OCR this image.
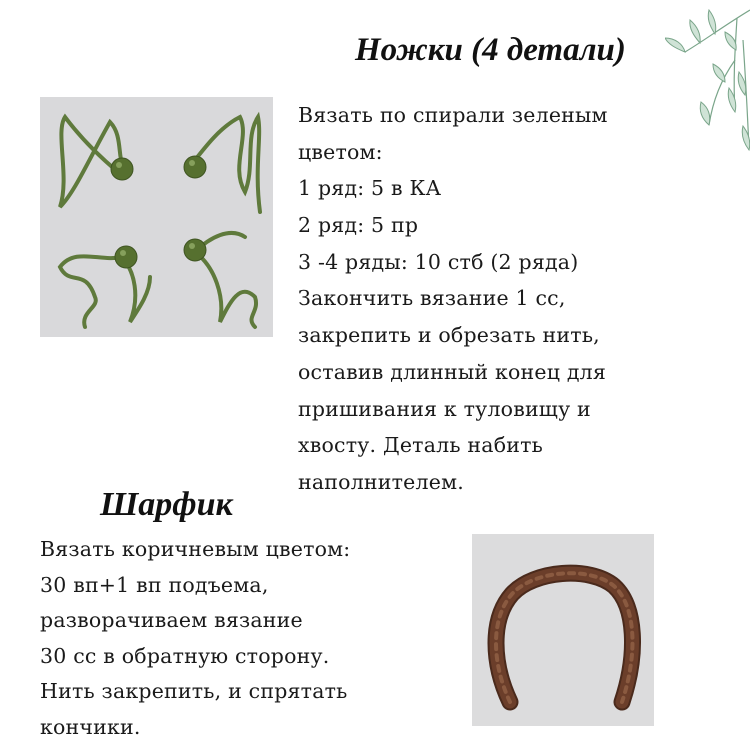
Ножки (4 детали)
Вязать по спирали зеленым
цветом:
1 ряд: 5 в КА
2 ряд: 5 пр
3 -4 ряды: 10 стб (2 ряда)
Закончить вязание 1 сс,
закрепить и обрезать нить,
оставив длинный конец для
пришивания к туловищу и
хвосту. Деталь набить
наполнителем.
Шарфик
Вязать коричневым цветом:
30 вп+1 вп подъема,
разворачиваем вязание
30 сс в обратную сторону.
Нить закрепить, и спрятать
кончики.
